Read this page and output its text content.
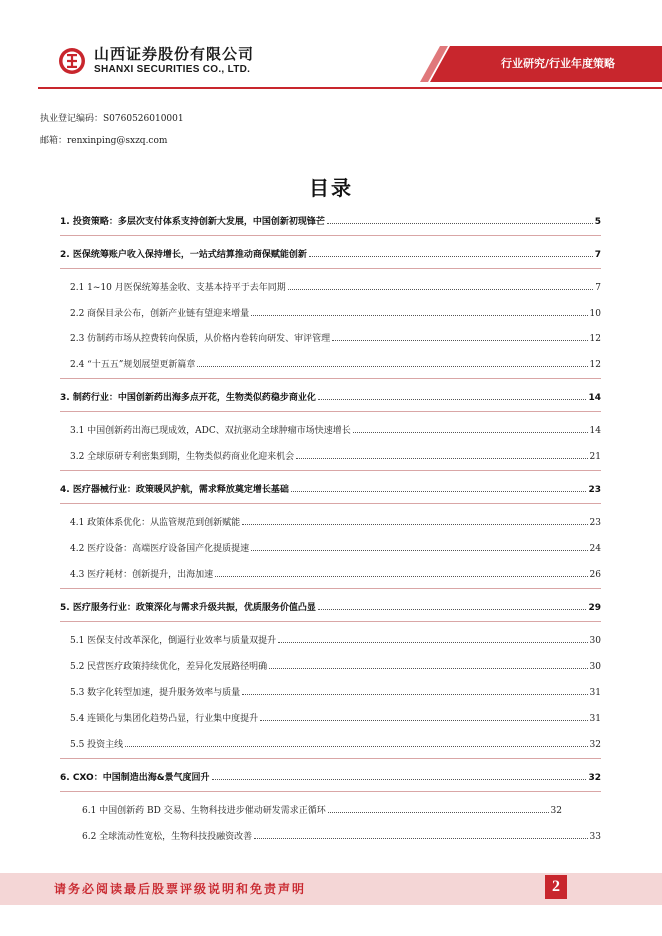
山西证券股份有限公司
SHANXI SECURITIES CO., LTD.	行业研究/行业年度策略
执业登记编码：S0760526010001
邮箱：renxinping@sxzq.com
目录
1. 投资策略：多层次支付体系支持创新大发展，中国创新初现锋芒	5
2. 医保统筹账户收入保持增长，一站式结算推动商保赋能创新	7
2.1 1~10 月医保统筹基金收、支基本持平于去年同期	7
2.2 商保目录公布，创新产业链有望迎来增量	10
2.3 仿制药市场从控费转向保质，从价格内卷转向研发、审评管理	12
2.4 “十五五”规划展望更新篇章	12
3. 制药行业：中国创新药出海多点开花，生物类似药稳步商业化	14
3.1 中国创新药出海已现成效，ADC、双抗驱动全球肿瘤市场快速增长	14
3.2 全球原研专利密集到期，生物类似药商业化迎来机会	21
4. 医疗器械行业：政策暖风护航，需求释放奠定增长基础	23
4.1 政策体系优化：从监管规范到创新赋能	23
4.2 医疗设备：高端医疗设备国产化提质提速	24
4.3 医疗耗材：创新提升，出海加速	26
5. 医疗服务行业：政策深化与需求升级共振，优质服务价值凸显	29
5.1 医保支付改革深化，倒逼行业效率与质量双提升	30
5.2 民营医疗政策持续优化，差异化发展路径明确	30
5.3 数字化转型加速，提升服务效率与质量	31
5.4 连锁化与集团化趋势凸显，行业集中度提升	31
5.5 投资主线	32
6. CXO：中国制造出海&景气度回升	32
6.1 中国创新药 BD 交易、生物科技进步催动研发需求正循环	32
6.2 全球流动性宽松，生物科技投融资改善	33
请务必阅读最后股票评级说明和免责声明	2
